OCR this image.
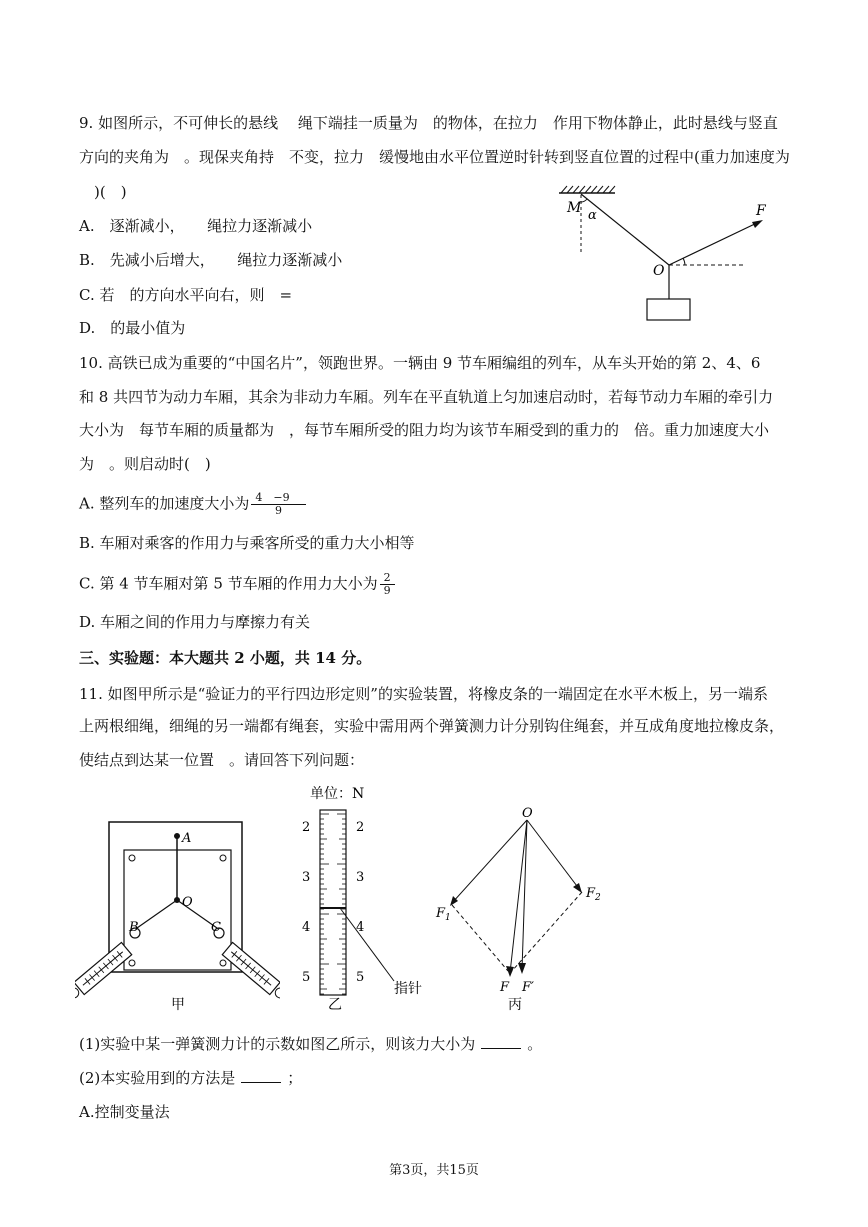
9. 如图所示，不可伸长的悬线　 绳下端挂一质量为　的物体，在拉力　作用下物体静止，此时悬线与竖直
方向的夹角为　。现保夹角持　不变，拉力　缓慢地由水平位置逆时针转到竖直位置的过程中(重力加速度为
　)(　)
A.　逐渐减小，　　绳拉力逐渐减小
B.　先减小后增大，　　绳拉力逐渐减小
C. 若　的方向水平向右，则　=
D.　的最小值为
M α
O
F
10. 高铁已成为重要的“中国名片”，领跑世界。一辆由 9 节车厢编组的列车，从车头开始的第 2、4、6
和 8 共四节为动力车厢，其余为非动力车厢。列车在平直轨道上匀加速启动时，若每节动力车厢的牵引力
大小为　每节车厢的质量都为　，每节车厢所受的阻力均为该节车厢受到的重力的　倍。重力加速度大小
为　。则启动时(　)
A. 整列车的加速度大小为 $\frac{4 -9}{9}$
B. 车厢对乘客的作用力与乘客所受的重力大小相等
C. 第 4 节车厢对第 5 节车厢的作用力大小为 $\frac{2}{9}$
D. 车厢之间的作用力与摩擦力有关
三、实验题：本大题共 2 小题，共 14 分。
11. 如图甲所示是“验证力的平行四边形定则”的实验装置，将橡皮条的一端固定在水平木板上，另一端系
上两根细绳，细绳的另一端都有绳套，实验中需用两个弹簧测力计分别钩住绳套，并互成角度地拉橡皮条，
使结点到达某一位置　。请回答下列问题：
A
O
B	C
甲
单位：N
2
3
4
5
2
3
4
5
指针
乙
O
$F_1$
$F_2$
F F′
丙
(1)实验中某一弹簧测力计的示数如图乙所示，则该力大小为	。
(2)本实验用到的方法是	；
A.控制变量法
第3页，共15页
